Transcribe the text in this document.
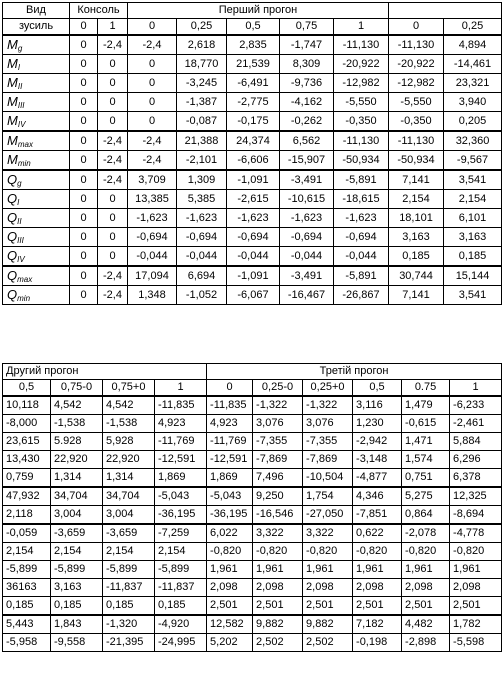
Вид	Консоль		Перший прогон						
зусиль	0	1	0	0,25	0,5	0,75	1	0	0,25
$M_g$	0	-2,4	-2,4	2,618	2,835	-1,747	-11,130	-11,130	4,894
$M_I$	0	0	0	18,770	21,539	8,309	-20,922	-20,922	-14,461
$M_{II}$	0	0	0	-3,245	-6,491	-9,736	-12,982	-12,982	23,321
$M_{III}$	0	0	0	-1,387	-2,775	-4,162	-5,550	-5,550	3,940
$M_{IV}$	0	0	0	-0,087	-0,175	-0,262	-0,350	-0,350	0,205
$M_{max}$	0	-2,4	-2,4	21,388	24,374	6,562	-11,130	-11,130	32,360
$M_{min}$	0	-2,4	-2,4	-2,101	-6,606	-15,907	-50,934	-50,934	-9,567
$Q_g$	0	-2,4	3,709	1,309	-1,091	-3,491	-5,891	7,141	3,541
$Q_I$	0	0	13,385	5,385	-2,615	-10,615	-18,615	2,154	2,154
$Q_{II}$	0	0	-1,623	-1,623	-1,623	-1,623	-1,623	18,101	6,101
$Q_{III}$	0	0	-0,694	-0,694	-0,694	-0,694	-0,694	3,163	3,163
$Q_{IV}$	0	0	-0,044	-0,044	-0,044	-0,044	-0,044	0,185	0,185
$Q_{max}$	0	-2,4	17,094	6,694	-1,091	-3,491	-5,891	30,744	15,144
$Q_{min}$	0	-2,4	1,348	-1,052	-6,067	-16,467	-26,867	7,141	3,541
Другий прогон				Третій прогон					
0,5	0,75-0	0,75+0	1	0	0,25-0	0,25+0	0,5	0.75	1
10,118	4,542	4,542	-11,835	-11,835	-1,322	-1,322	3,116	1,479	-6,233
-8,000	-1,538	-1,538	4,923	4,923	3,076	3,076	1,230	-0,615	-2,461
23,615	5.928	5,928	-11,769	-11,769	-7,355	-7,355	-2,942	1,471	5,884
13,430	22,920	22,920	-12,591	-12,591	-7,869	-7,869	-3,148	1,574	6,296
0,759	1,314	1,314	1,869	1,869	7,496	-10,504	-4,877	0,751	6,378
47,932	34,704	34,704	-5,043	-5,043	9,250	1,754	4,346	5,275	12,325
2,118	3,004	3,004	-36,195	-36,195	-16,546	-27,050	-7,851	0,864	-8,694
-0,059	-3,659	-3,659	-7,259	6,022	3,322	3,322	0,622	-2,078	-4,778
2,154	2,154	2,154	2,154	-0,820	-0,820	-0,820	-0,820	-0,820	-0,820
-5,899	-5,899	-5,899	-5,899	1,961	1,961	1,961	1,961	1,961	1,961
36163	3,163	-11,837	-11,837	2,098	2,098	2,098	2,098	2,098	2,098
0,185	0,185	0,185	0,185	2,501	2,501	2,501	2,501	2,501	2,501
5,443	1,843	-1,320	-4,920	12,582	9,882	9,882	7,182	4,482	1,782
-5,958	-9,558	-21,395	-24,995	5,202	2,502	2,502	-0,198	-2,898	-5,598
